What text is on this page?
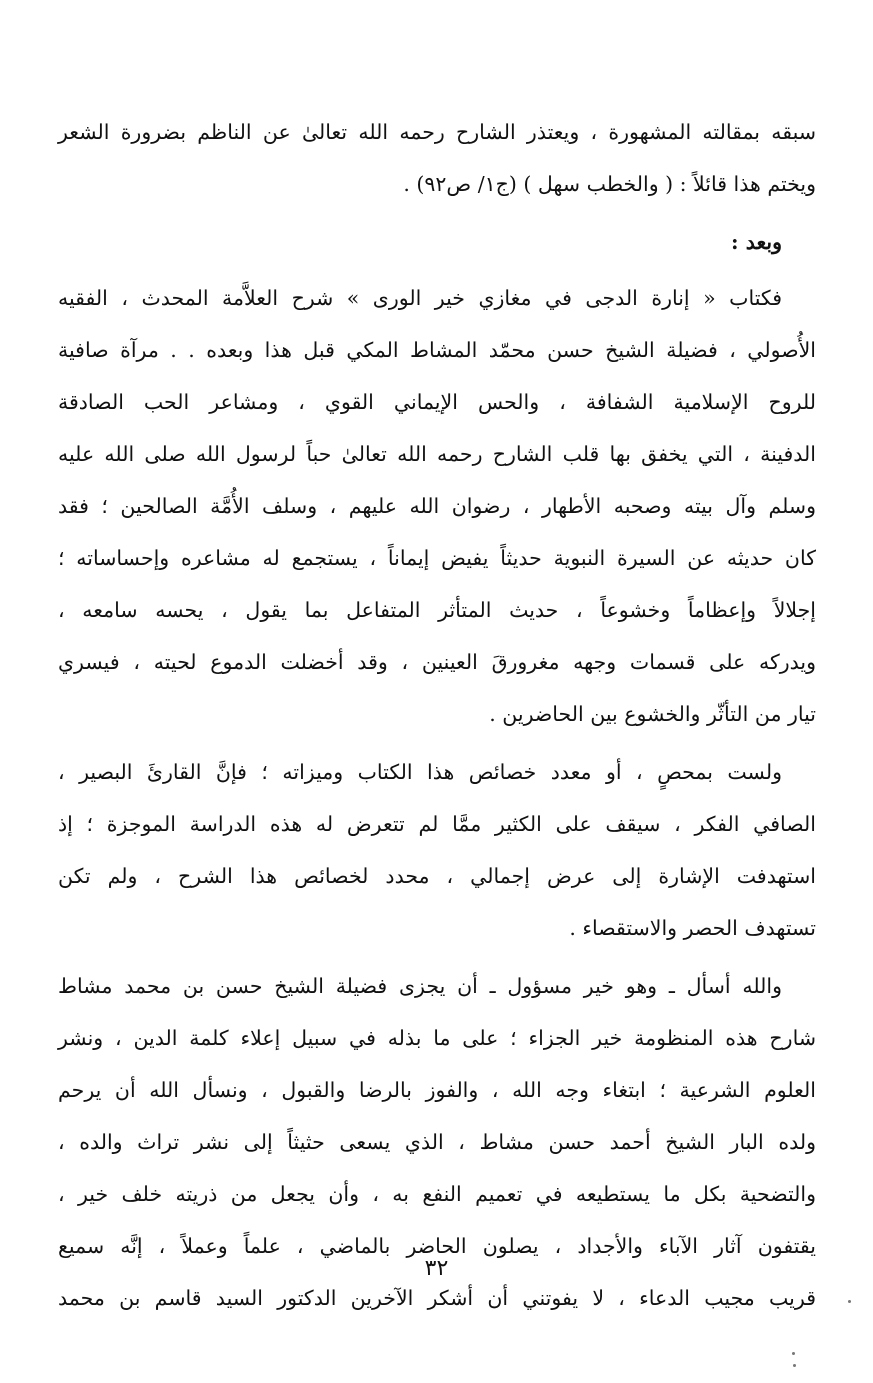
سبقه بمقالته المشهورة ، ويعتذر الشارح رحمه الله تعالىٰ عن الناظم بضرورة الشعر
ويختم هذا قائلاً : ( والخطب سهل ) (ج١/ ص٩٢) .
وبعد :
فكتاب « إنارة الدجى في مغازي خير الورى » شرح العلاَّمة المحدث ، الفقيه
الأُصولي ، فضيلة الشيخ حسن محمّد المشاط المكي قبل هذا وبعده . . مرآة صافية
للروح الإسلامية الشفافة ، والحس الإيماني القوي ، ومشاعر الحب الصادقة
الدفينة ، التي يخفق بها قلب الشارح رحمه الله تعالىٰ حباً لرسول الله صلى الله عليه
وسلم وآل بيته وصحبه الأطهار ، رضوان الله عليهم ، وسلف الأُمَّة الصالحين ؛ فقد
كان حديثه عن السيرة النبوية حديثاً يفيض إيماناً ، يستجمع له مشاعره وإحساساته ؛
إجلالاً وإعظاماً وخشوعاً ، حديث المتأثر المتفاعل بما يقول ، يحسه سامعه ،
ويدركه على قسمات وجهه مغرورقَ العينين ، وقد أخضلت الدموع لحيته ، فيسري
تيار من التأثّر والخشوع بين الحاضرين .
ولست بمحصٍ ، أو معدد خصائص هذا الكتاب وميزاته ؛ فإنَّ القارئَ البصير ،
الصافي الفكر ، سيقف على الكثير ممَّا لم تتعرض له هذه الدراسة الموجزة ؛ إذ
استهدفت الإشارة إلى عرض إجمالي ، محدد لخصائص هذا الشرح ، ولم تكن
تستهدف الحصر والاستقصاء .
والله أسأل ـ وهو خير مسؤول ـ أن يجزى فضيلة الشيخ حسن بن محمد مشاط
شارح هذه المنظومة خير الجزاء ؛ على ما بذله في سبيل إعلاء كلمة الدين ، ونشر
العلوم الشرعية ؛ ابتغاء وجه الله ، والفوز بالرضا والقبول ، ونسأل الله أن يرحم
ولده البار الشيخ أحمد حسن مشاط ، الذي يسعى حثيثاً إلى نشر تراث والده ،
والتضحية بكل ما يستطيعه في تعميم النفع به ، وأن يجعل من ذريته خلف خير ،
يقتفون آثار الآباء والأجداد ، يصلون الحاضر بالماضي ، علماً وعملاً ، إنَّه سميع
قريب مجيب الدعاء ، لا يفوتني أن أشكر الآخرين الدكتور السيد قاسم بن محمد
٣٢
